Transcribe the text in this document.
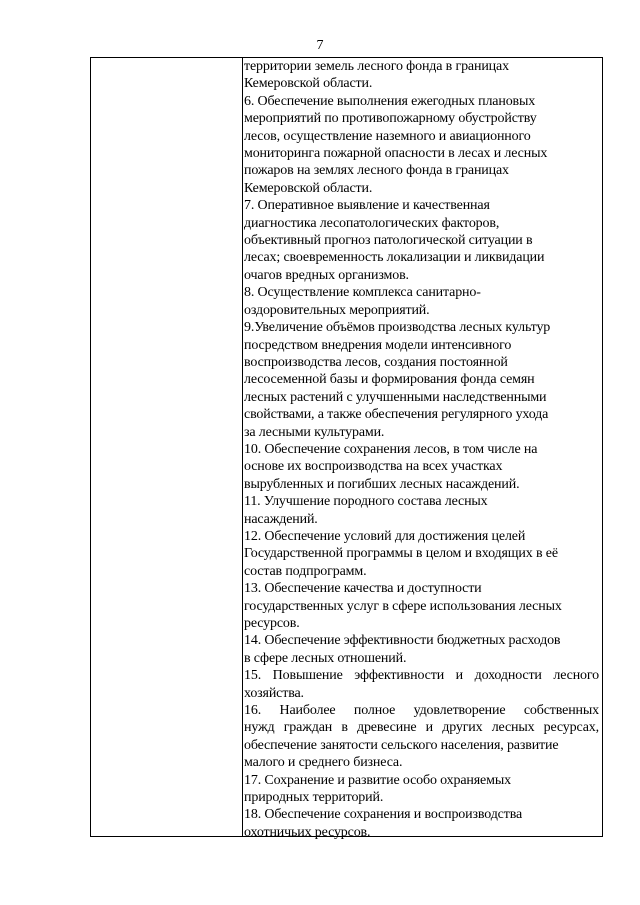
7

территории земель лесного фонда в границах
Кемеровской области.

6. Обеспечение выполнения ежегодных плановых
мероприятий по противопожарному обустройству
лесов, осуществление наземного и авиационного
мониторинга пожарной опасности в лесах и лесных
пожаров на землях лесного фонда в границах
Кемеровской области.

7. Оперативное выявление и качественная
диагностика лесопатологических факторов,
объективный прогноз патологической ситуации в
лесах; своевременность локализации и ликвидации
очагов вредных организмов.

8. Осуществление комплекса санитарно-
оздоровительных мероприятий.

9.Увеличение объёмов производства лесных культур
посредством внедрения модели интенсивного
воспроизводства лесов, создания постоянной
лесосеменной базы и формирования фонда семян
лесных растений с улучшенными наследственными
свойствами, а также обеспечения регулярного ухода
за лесными культурами.

10. Обеспечение сохранения лесов, в том числе на
основе их воспроизводства на всех участках
вырубленных и погибших лесных насаждений.

11. Улучшение породного состава лесных
насаждений.

12. Обеспечение условий для достижения целей
Государственной программы в целом и входящих в её
состав подпрограмм.

13. Обеспечение качества и доступности
государственных услуг в сфере использования лесных
ресурсов.

14. Обеспечение эффективности бюджетных расходов
в сфере лесных отношений.

15. Повышение эффективности и доходности лесного
хозяйства.

16. Наиболее полное удовлетворение собственных
нужд граждан в древесине и других лесных ресурсах,
обеспечение занятости сельского населения, развитие
малого и среднего бизнеса.

17. Сохранение и развитие особо охраняемых
природных территорий.

18. Обеспечение сохранения и воспроизводства
охотничьих ресурсов.
